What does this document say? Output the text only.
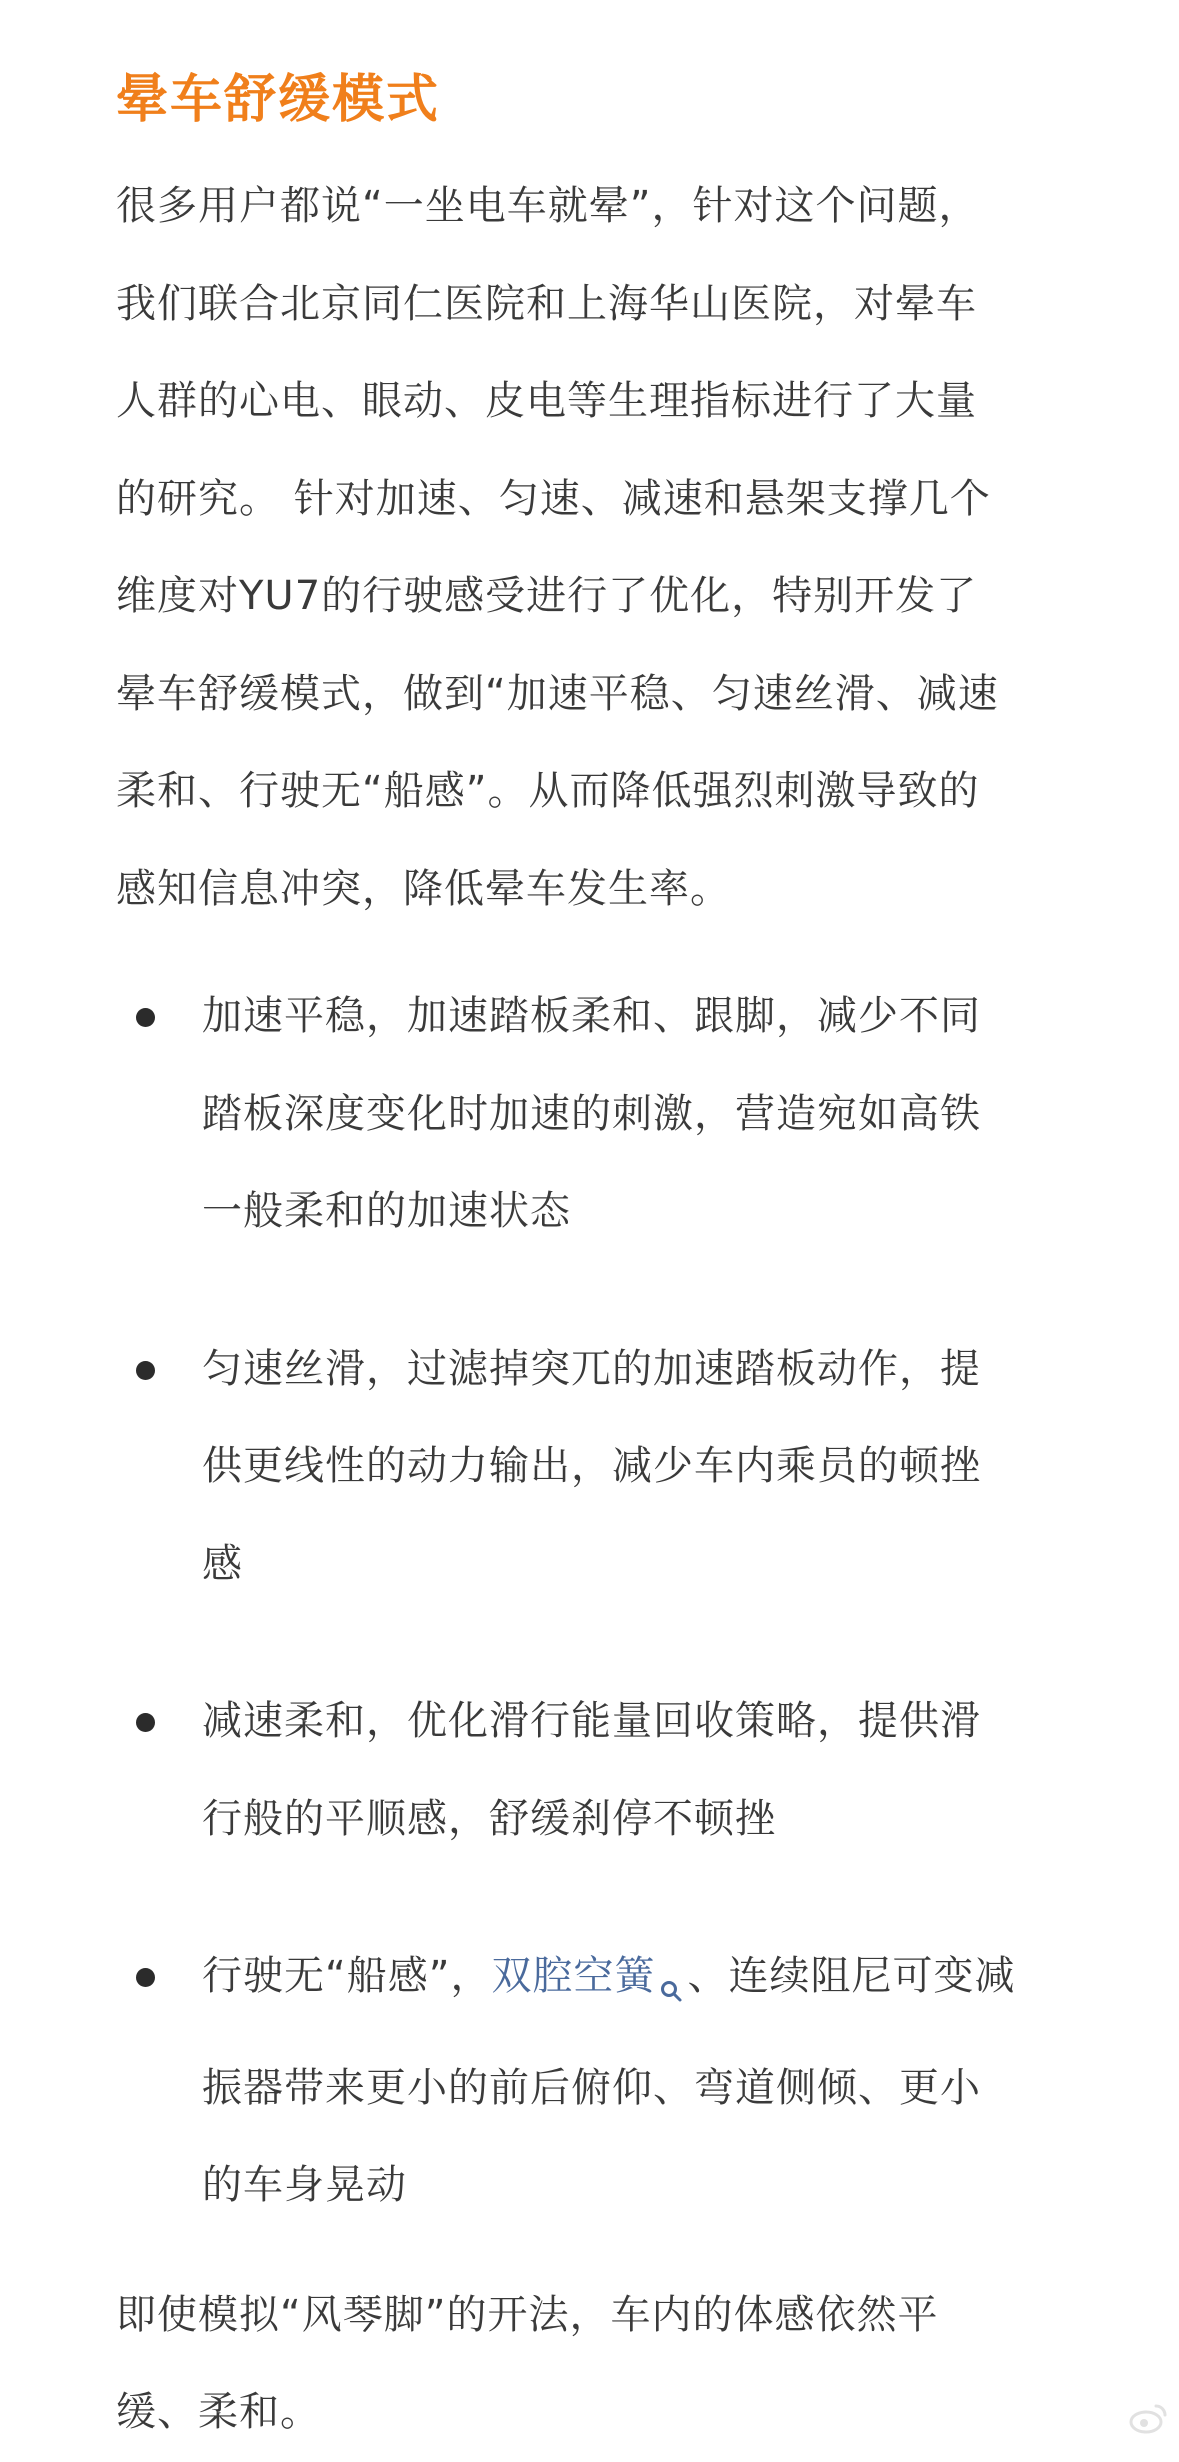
晕车舒缓模式

很多用户都说“一坐电车就晕”，针对这个问题，
我们联合北京同仁医院和上海华山医院，对晕车
人群的心电、眼动、皮电等生理指标进行了大量
的研究。 针对加速、匀速、减速和悬架支撑几个
维度对YU7的行驶感受进行了优化，特别开发了
晕车舒缓模式，做到“加速平稳、匀速丝滑、减速
柔和、行驶无“船感”。从而降低强烈刺激导致的
感知信息冲突，降低晕车发生率。

加速平稳，加速踏板柔和、跟脚，减少不同
踏板深度变化时加速的刺激，营造宛如高铁
一般柔和的加速状态
匀速丝滑，过滤掉突兀的加速踏板动作，提
供更线性的动力输出，减少车内乘员的顿挫
感
减速柔和，优化滑行能量回收策略，提供滑
行般的平顺感，舒缓刹停不顿挫
行驶无“船感”，双腔空簧 、连续阻尼可变减
振器带来更小的前后俯仰、弯道侧倾、更小
的车身晃动

即使模拟“风琴脚”的开法，车内的体感依然平
缓、柔和。
